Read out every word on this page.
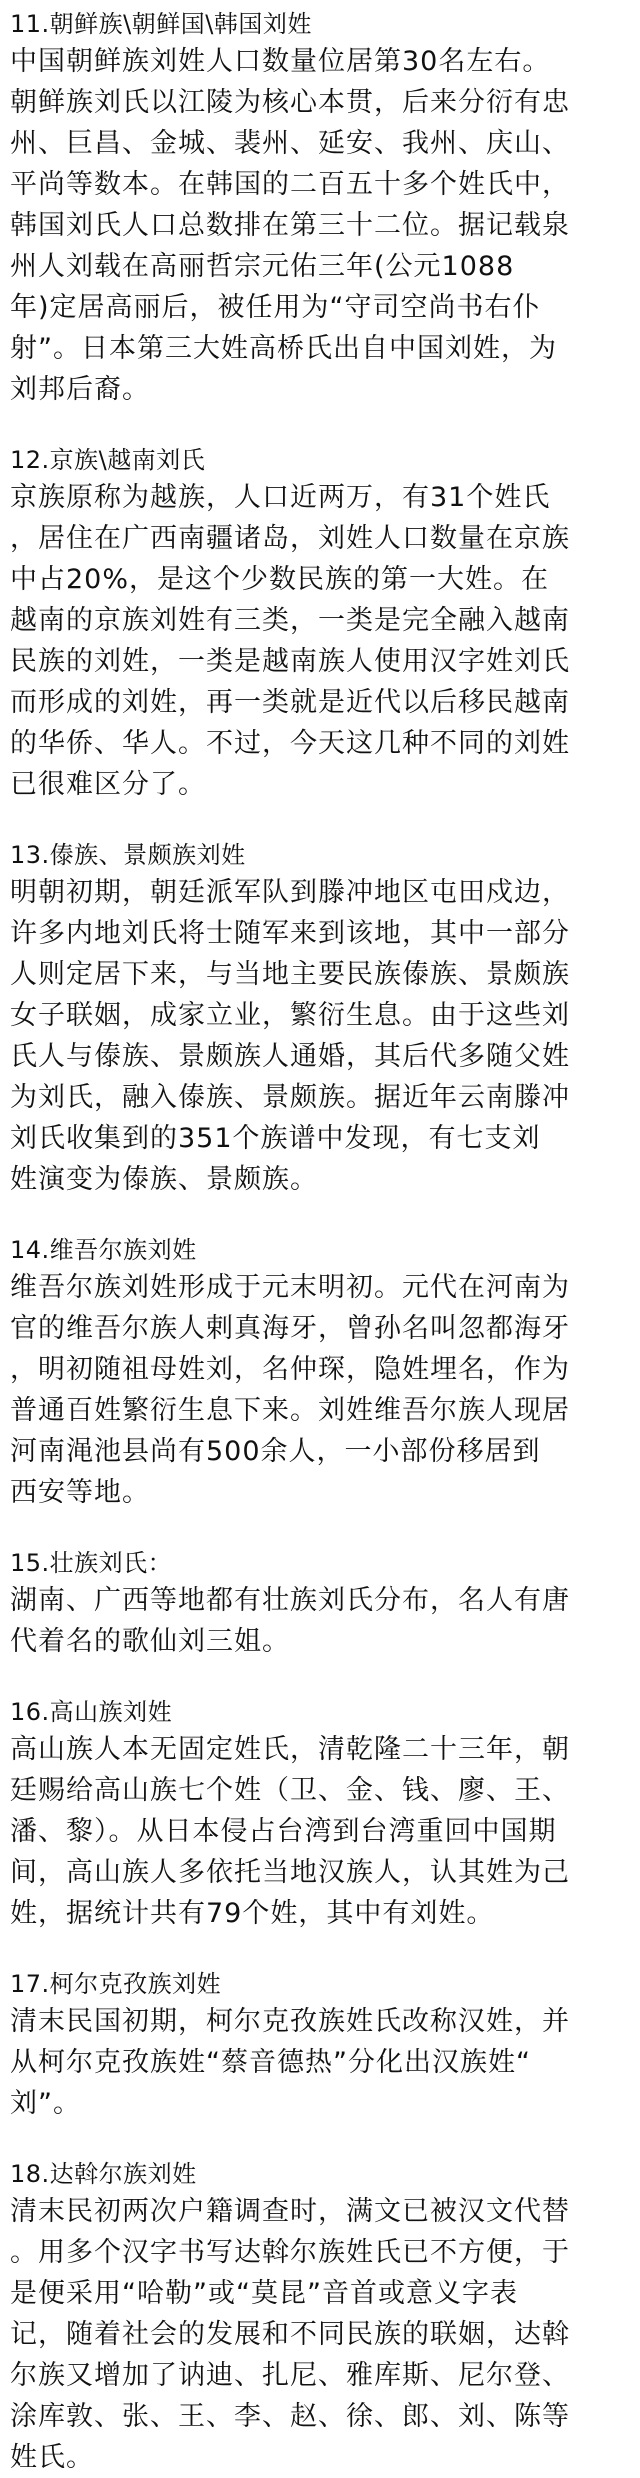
11.朝鲜族\朝鲜国\韩国刘姓

中国朝鲜族刘姓人口数量位居第30名左右。

朝鲜族刘氏以江陵为核心本贯，后来分衍有忠

州、巨昌、金城、裴州、延安、我州、庆山、

平尚等数本。在韩国的二百五十多个姓氏中，

韩国刘氏人口总数排在第三十二位。据记载泉

州人刘载在高丽哲宗元佑三年(公元1088

年)定居高丽后，被任用为“守司空尚书右仆

射”。日本第三大姓高桥氏出自中国刘姓，为

刘邦后裔。

12.京族\越南刘氏

京族原称为越族，人口近两万，有31个姓氏

，居住在广西南疆诸岛，刘姓人口数量在京族

中占20%，是这个少数民族的第一大姓。在

越南的京族刘姓有三类，一类是完全融入越南

民族的刘姓，一类是越南族人使用汉字姓刘氏

而形成的刘姓，再一类就是近代以后移民越南

的华侨、华人。不过，今天这几种不同的刘姓

已很难区分了。

13.傣族、景颇族刘姓

明朝初期，朝廷派军队到滕冲地区屯田戍边，

许多内地刘氏将士随军来到该地，其中一部分

人则定居下来，与当地主要民族傣族、景颇族

女子联姻，成家立业，繁衍生息。由于这些刘

氏人与傣族、景颇族人通婚，其后代多随父姓

为刘氏，融入傣族、景颇族。据近年云南滕冲

刘氏收集到的351个族谱中发现，有七支刘

姓演变为傣族、景颇族。

14.维吾尔族刘姓

维吾尔族刘姓形成于元末明初。元代在河南为

官的维吾尔族人剌真海牙，曾孙名叫忽都海牙

，明初随祖母姓刘，名仲琛，隐姓埋名，作为

普通百姓繁衍生息下来。刘姓维吾尔族人现居

河南渑池县尚有500余人，一小部份移居到

西安等地。

15.壮族刘氏：

湖南、广西等地都有壮族刘氏分布，名人有唐

代着名的歌仙刘三姐。

16.高山族刘姓

高山族人本无固定姓氏，清乾隆二十三年，朝

廷赐给高山族七个姓（卫、金、钱、廖、王、

潘、黎）。从日本侵占台湾到台湾重回中国期

间，高山族人多依托当地汉族人，认其姓为己

姓，据统计共有79个姓，其中有刘姓。

17.柯尔克孜族刘姓

清末民国初期，柯尔克孜族姓氏改称汉姓，并

从柯尔克孜族姓“蔡音德热”分化出汉族姓“

刘”。

18.达斡尔族刘姓

清末民初两次户籍调查时，满文已被汉文代替

。用多个汉字书写达斡尔族姓氏已不方便，于

是便采用“哈勒”或“莫昆”音首或意义字表

记，随着社会的发展和不同民族的联姻，达斡

尔族又增加了讷迪、扎尼、雅库斯、尼尔登、

涂库敦、张、王、李、赵、徐、郎、刘、陈等

姓氏。
